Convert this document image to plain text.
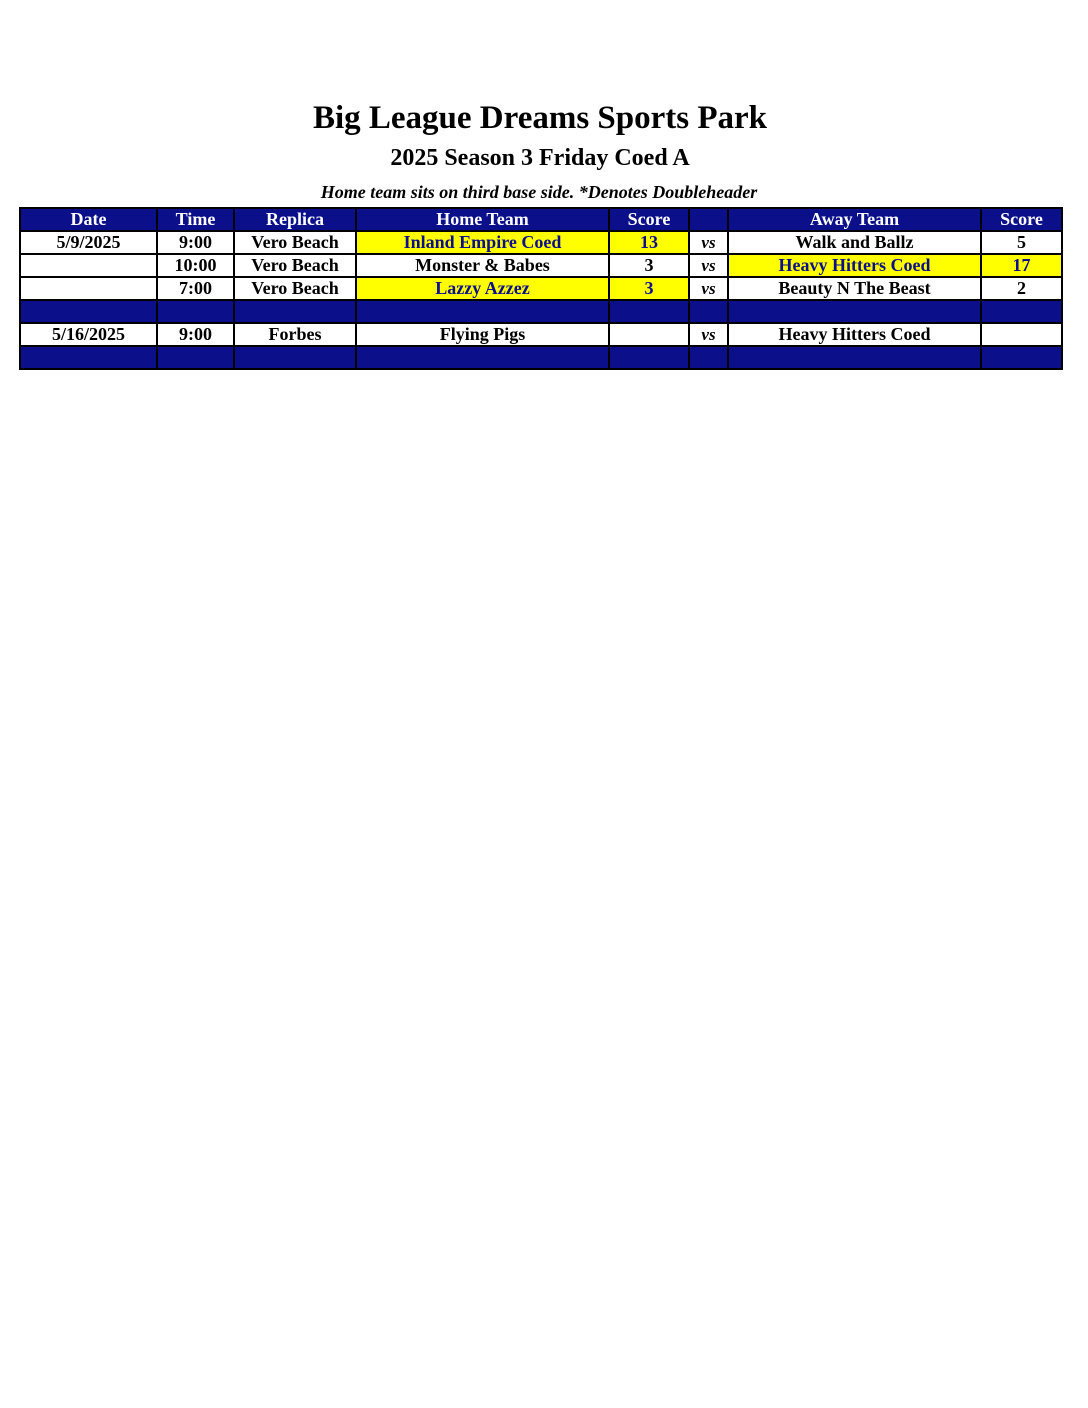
Big League Dreams Sports Park
2025 Season 3 Friday Coed A
Home team sits on third base side. *Denotes Doubleheader
Date	Time	Replica	Home Team	Score		Away Team	Score
5/9/2025	9:00	Vero Beach	Inland Empire Coed	13	vs	Walk and Ballz	5
	10:00	Vero Beach	Monster & Babes	3	vs	Heavy Hitters Coed	17
	7:00	Vero Beach	Lazzy Azzez	3	vs	Beauty N The Beast	2

5/16/2025	9:00	Forbes	Flying Pigs		vs	Heavy Hitters Coed	
